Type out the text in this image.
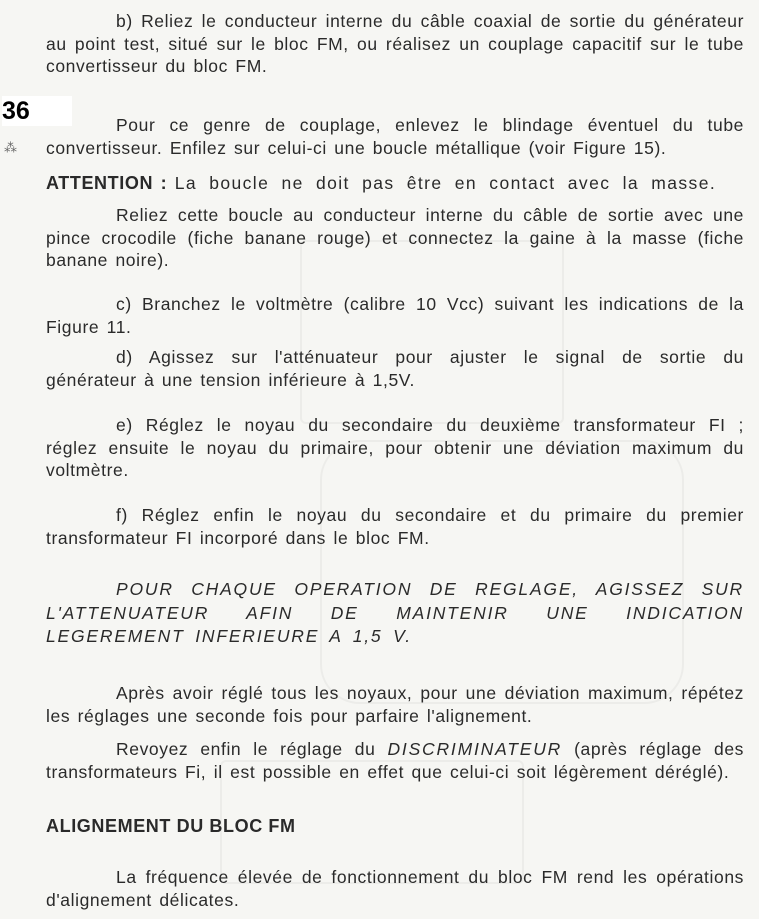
36
⁂

b) Reliez le conducteur interne du câble coaxial de sortie du générateur au point test, situé sur le bloc FM, ou réalisez un couplage capacitif sur le tube convertisseur du bloc FM.

Pour ce genre de couplage, enlevez le blindage éventuel du tube convertisseur. Enfilez sur celui-ci une boucle métallique (voir Figure 15).

ATTENTION : La boucle ne doit pas être en contact avec la masse.

Reliez cette boucle au conducteur interne du câble de sortie avec une pince crocodile (fiche banane rouge) et connectez la gaine à la masse (fiche banane noire).

c) Branchez le voltmètre (calibre 10 Vcc) suivant les indications de la Figure 11.

d) Agissez sur l'atténuateur pour ajuster le signal de sortie du générateur à une tension inférieure à 1,5V.

e) Réglez le noyau du secondaire du deuxième transformateur FI ; réglez ensuite le noyau du primaire, pour obtenir une déviation maximum du voltmètre.

f) Réglez enfin le noyau du secondaire et du primaire du premier transformateur FI incorporé dans le bloc FM.

POUR CHAQUE OPERATION DE REGLAGE, AGISSEZ SUR L'ATTENUATEUR AFIN DE MAINTENIR UNE INDICATION LEGEREMENT INFERIEURE A 1,5 V.

Après avoir réglé tous les noyaux, pour une déviation maximum, répétez les réglages une seconde fois pour parfaire l'alignement.

Revoyez enfin le réglage du DISCRIMINATEUR (après réglage des transformateurs Fi, il est possible en effet que celui-ci soit légèrement déréglé).

ALIGNEMENT DU BLOC FM

La fréquence élevée de fonctionnement du bloc FM rend les opérations d'alignement délicates.
